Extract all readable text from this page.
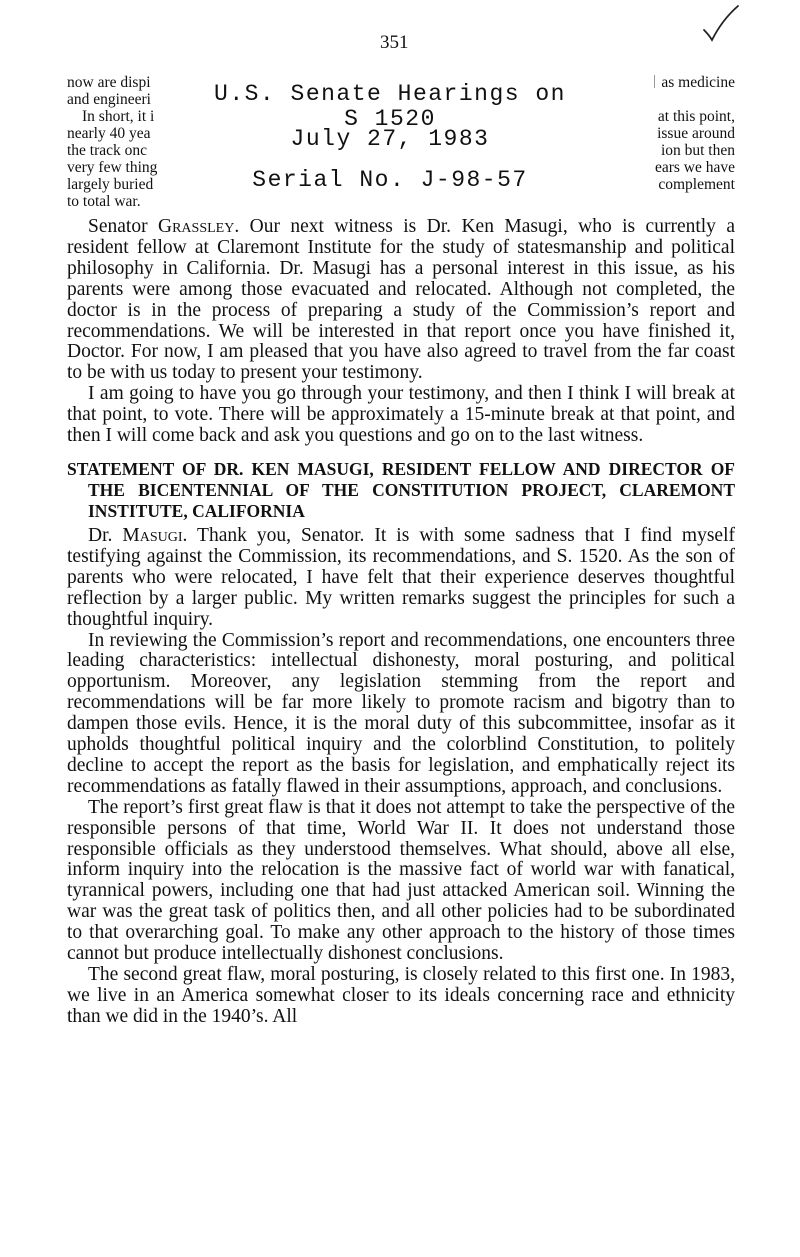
351
now are dispi
and engineeri
In short, it i
nearly 40 yea
the track onc
very few thing
largely buried
to total war.
as medicine
at this point,
issue around
ion but then
ears we have
complement
U.S. Senate Hearings on
S 1520
July 27, 1983
Serial No. J-98-57

Senator Grassley. Our next witness is Dr. Ken Masugi, who is currently a resident fellow at Claremont Institute for the study of statesmanship and political philosophy in California. Dr. Masugi has a personal interest in this issue, as his parents were among those evacuated and relocated. Although not completed, the doctor is in the process of preparing a study of the Commission’s report and recommendations. We will be interested in that report once you have finished it, Doctor. For now, I am pleased that you have also agreed to travel from the far coast to be with us today to present your testimony.

I am going to have you go through your testimony, and then I think I will break at that point, to vote. There will be approximately a 15-minute break at that point, and then I will come back and ask you questions and go on to the last witness.

STATEMENT OF DR. KEN MASUGI, RESIDENT FELLOW AND DIRECTOR OF THE BICENTENNIAL OF THE CONSTITUTION PROJECT, CLAREMONT INSTITUTE, CALIFORNIA

Dr. Masugi. Thank you, Senator. It is with some sadness that I find myself testifying against the Commission, its recommendations, and S. 1520. As the son of parents who were relocated, I have felt that their experience deserves thoughtful reflection by a larger public. My written remarks suggest the principles for such a thoughtful inquiry.

In reviewing the Commission’s report and recommendations, one encounters three leading characteristics: intellectual dishonesty, moral posturing, and political opportunism. Moreover, any legislation stemming from the report and recommendations will be far more likely to promote racism and bigotry than to dampen those evils. Hence, it is the moral duty of this subcommittee, insofar as it upholds thoughtful political inquiry and the colorblind Constitution, to politely decline to accept the report as the basis for legislation, and emphatically reject its recommendations as fatally flawed in their assumptions, approach, and conclusions.

The report’s first great flaw is that it does not attempt to take the perspective of the responsible persons of that time, World War II. It does not understand those responsible officials as they understood themselves. What should, above all else, inform inquiry into the relocation is the massive fact of world war with fanatical, tyrannical powers, including one that had just attacked American soil. Winning the war was the great task of politics then, and all other policies had to be subordinated to that overarching goal. To make any other approach to the history of those times cannot but produce intellectually dishonest conclusions.

The second great flaw, moral posturing, is closely related to this first one. In 1983, we live in an America somewhat closer to its ideals concerning race and ethnicity than we did in the 1940’s. All
